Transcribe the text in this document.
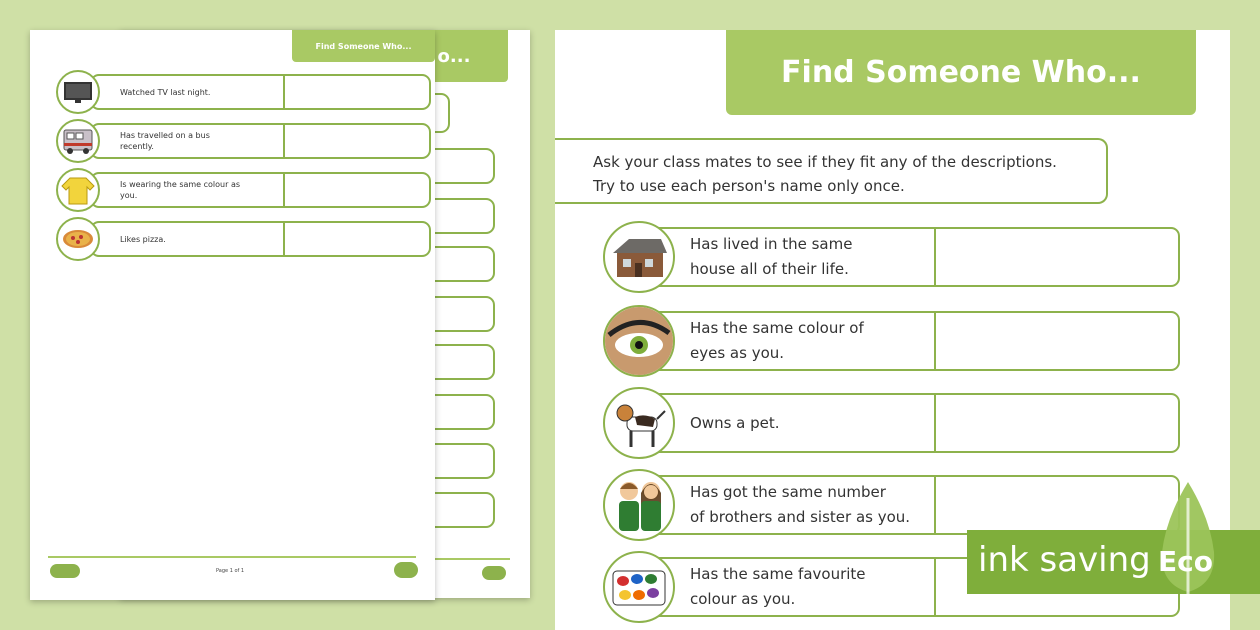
o...
Find Someone Who...
Watched TV last night.
Has travelled on a bus recently.
Is wearing the same colour as you.
Likes pizza.
Page 1 of 1
Find Someone Who...
Ask your class mates to see if they fit any of the descriptions.
Try to use each person's name only once.
Has lived in the same
house all of their life.
Has the same colour of
eyes as you.
Owns a pet.
Has got the same number
of brothers and sister as you.
Has the same favourite
colour as you.
ink saving Eco
